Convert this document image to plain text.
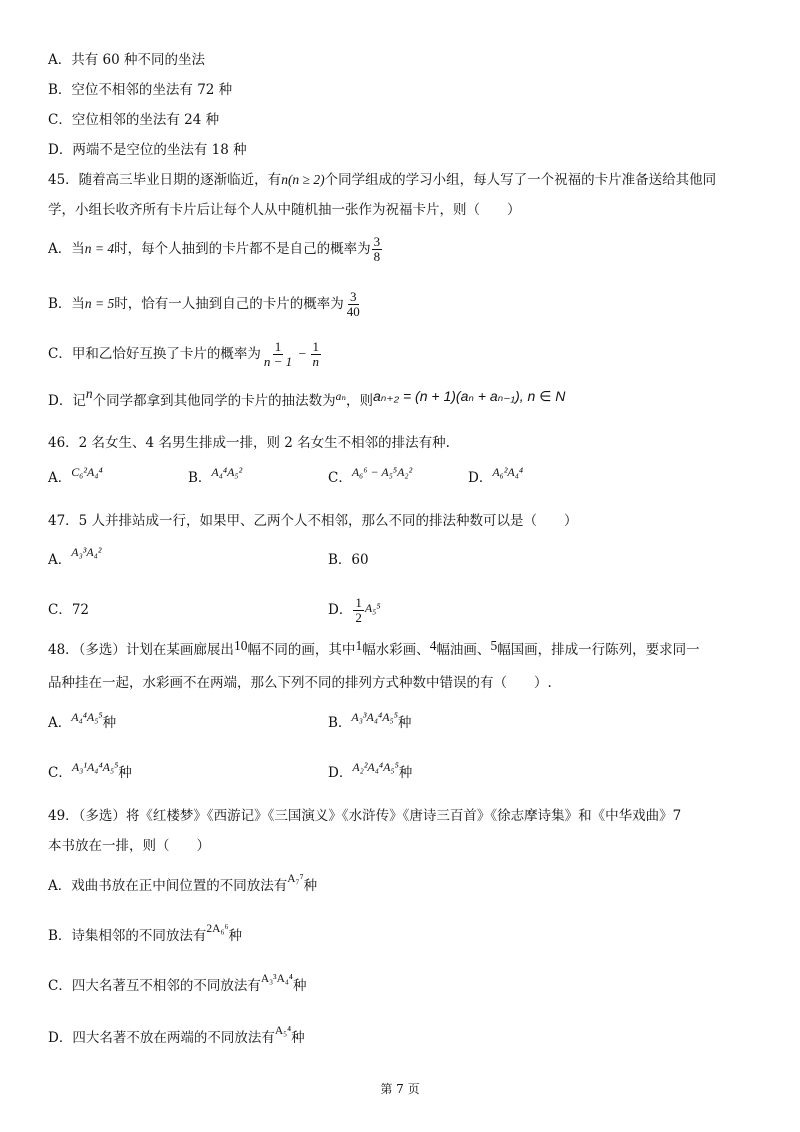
A．共有 60 种不同的坐法
B．空位不相邻的坐法有 72 种
C．空位相邻的坐法有 24 种
D．两端不是空位的坐法有 18 种
45．随着高三毕业日期的逐渐临近，有n(n ≥ 2)个同学组成的学习小组，每人写了一个祝福的卡片准备送给其他同
学，小组长收齐所有卡片后让每个人从中随机抽一张作为祝福卡片，则（　　）
A．当n = 4时，每个人抽到的卡片都不是自己的概率为 $\frac{3}{8}$
B．当n = 5时，恰有一人抽到自己的卡片的概率为 $\frac{3}{40}$
C．甲和乙恰好互换了卡片的概率为 $\frac{1}{n - 1} - \frac{1}{n}$
D．记n个同学都拿到其他同学的卡片的抽法数为aₙ，则aₙ₊₂ = (n + 1)(aₙ + aₙ₋₁), n ∈ N
46．2 名女生、4 名男生排成一排，则 2 名女生不相邻的排法有种.
A．C₆²A₄⁴	B．A₄⁴A₅²	C．A₆⁶ − A₅⁵A₂²	D．A₆²A₄⁴
47．5 人并排站成一行，如果甲、乙两个人不相邻，那么不同的排法种数可以是（　　）
A．A₃³A₄²	B．60
C．72	D． $\frac{1}{2} A_5^5$
48．（多选）计划在某画廊展出10幅不同的画，其中1幅水彩画、4幅油画、5幅国画，排成一行陈列，要求同一
品种挂在一起，水彩画不在两端，那么下列不同的排列方式种数中错误的有（　　）.
A．A₄⁴A₅⁵种	B．A₃³A₄⁴A₅⁵种
C．A₃¹A₄⁴A₅⁵种	D．A₂²A₄⁴A₅⁵种
49．（多选）将《红楼梦》《西游记》《三国演义》《水浒传》《唐诗三百首》《徐志摩诗集》和《中华戏曲》7
本书放在一排，则（　　）
A．戏曲书放在正中间位置的不同放法有A₇⁷种
B．诗集相邻的不同放法有2A₆⁶种
C．四大名著互不相邻的不同放法有A₃³A₄⁴种
D．四大名著不放在两端的不同放法有A₅⁴种
第 7 页
